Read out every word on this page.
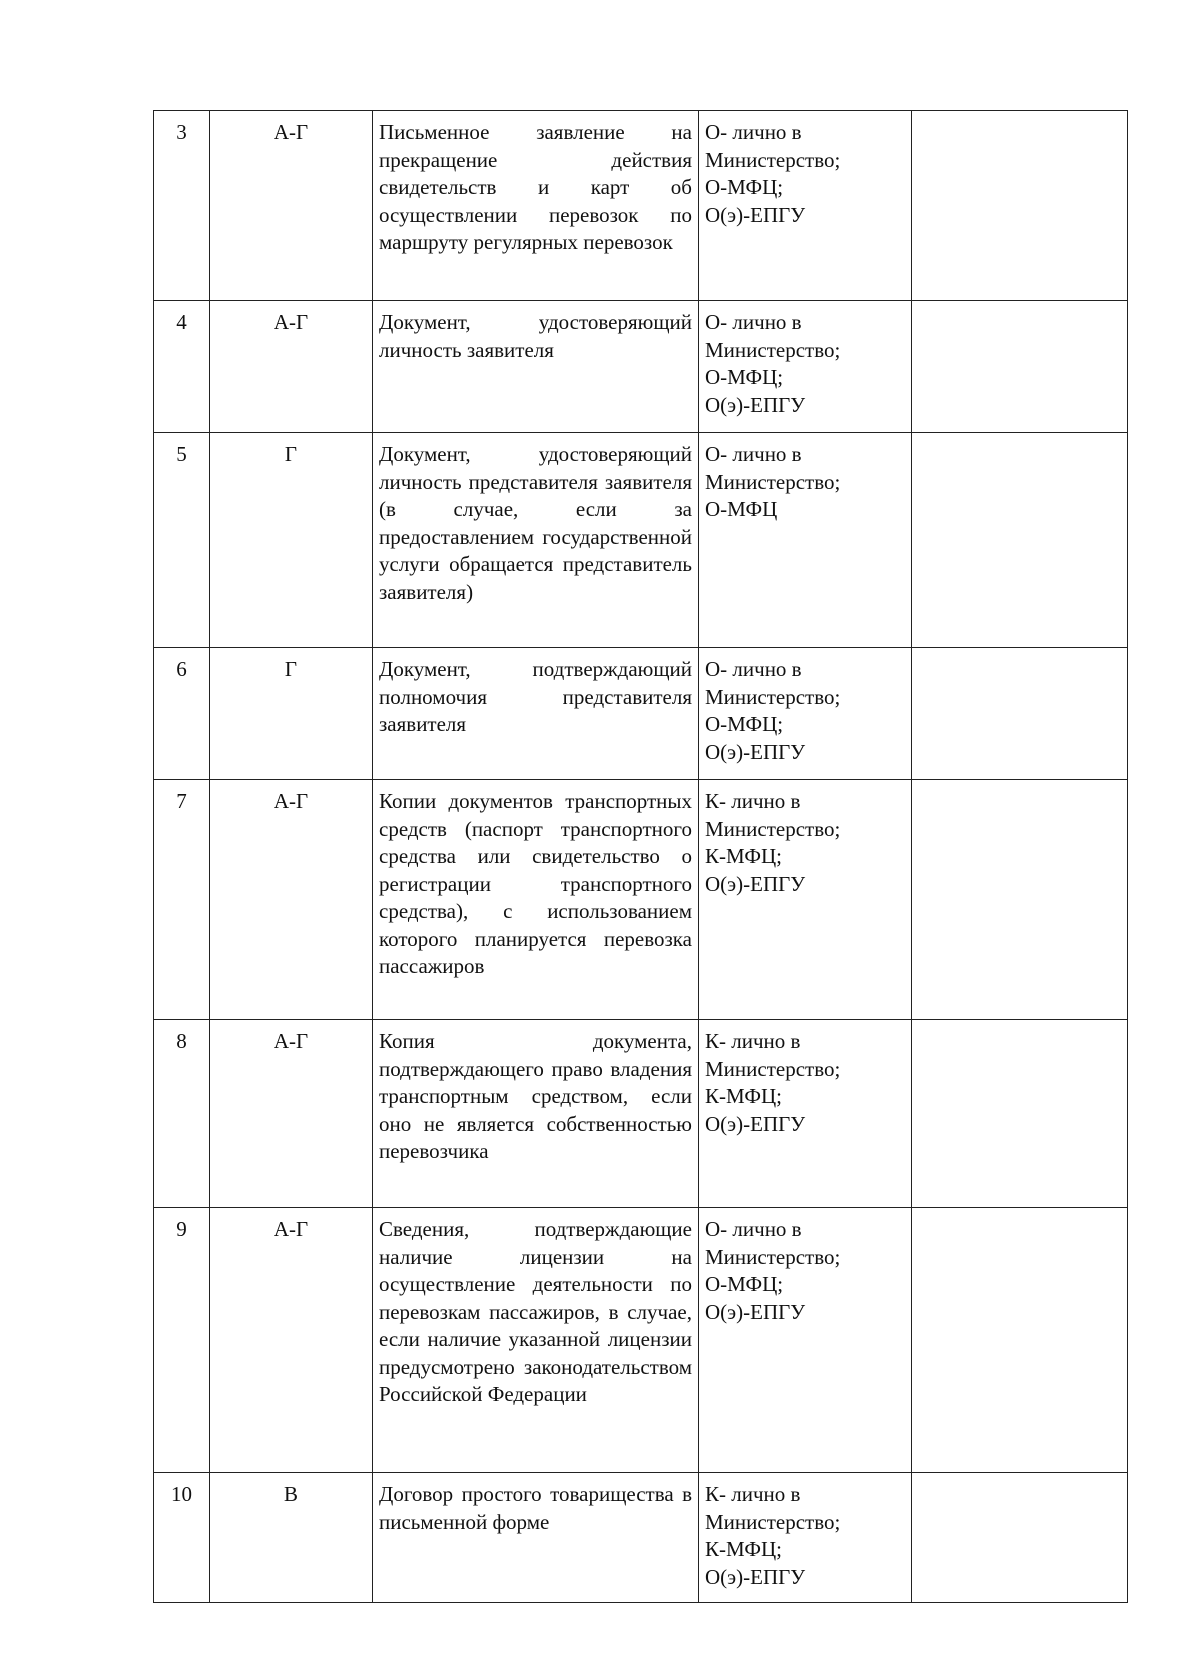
3	А-Г	Письменное заявление на прекращение действия свидетельств и карт об осуществлении перевозок по маршруту регулярных перевозок	О- лично в
Министерство;
О-МФЦ;
О(э)-ЕПГУ	

4	А-Г	Документ, удостоверяющий личность заявителя	О- лично в
Министерство;
О-МФЦ;
О(э)-ЕПГУ	

5	Г	Документ, удостоверяющий личность представителя заявителя (в случае, если за предоставлением государственной услуги обращается представитель заявителя)	О- лично в
Министерство;
О-МФЦ	

6	Г	Документ, подтверждающий полномочия представителя заявителя	О- лично в
Министерство;
О-МФЦ;
О(э)-ЕПГУ	

7	А-Г	Копии документов транспортных средств (паспорт транспортного средства или свидетельство о регистрации транспортного средства), с использованием которого планируется перевозка пассажиров	К- лично в
Министерство;
К-МФЦ;
О(э)-ЕПГУ	

8	А-Г	Копия документа, подтверждающего право владения транспортным средством, если оно не является собственностью перевозчика	К- лично в
Министерство;
К-МФЦ;
О(э)-ЕПГУ	

9	А-Г	Сведения, подтверждающие наличие лицензии на осуществление деятельности по перевозкам пассажиров, в случае, если наличие указанной лицензии предусмотрено законодательством Российской Федерации	О- лично в
Министерство;
О-МФЦ;
О(э)-ЕПГУ	

10	В	Договор простого товарищества в письменной форме	К- лично в
Министерство;
К-МФЦ;
О(э)-ЕПГУ	
